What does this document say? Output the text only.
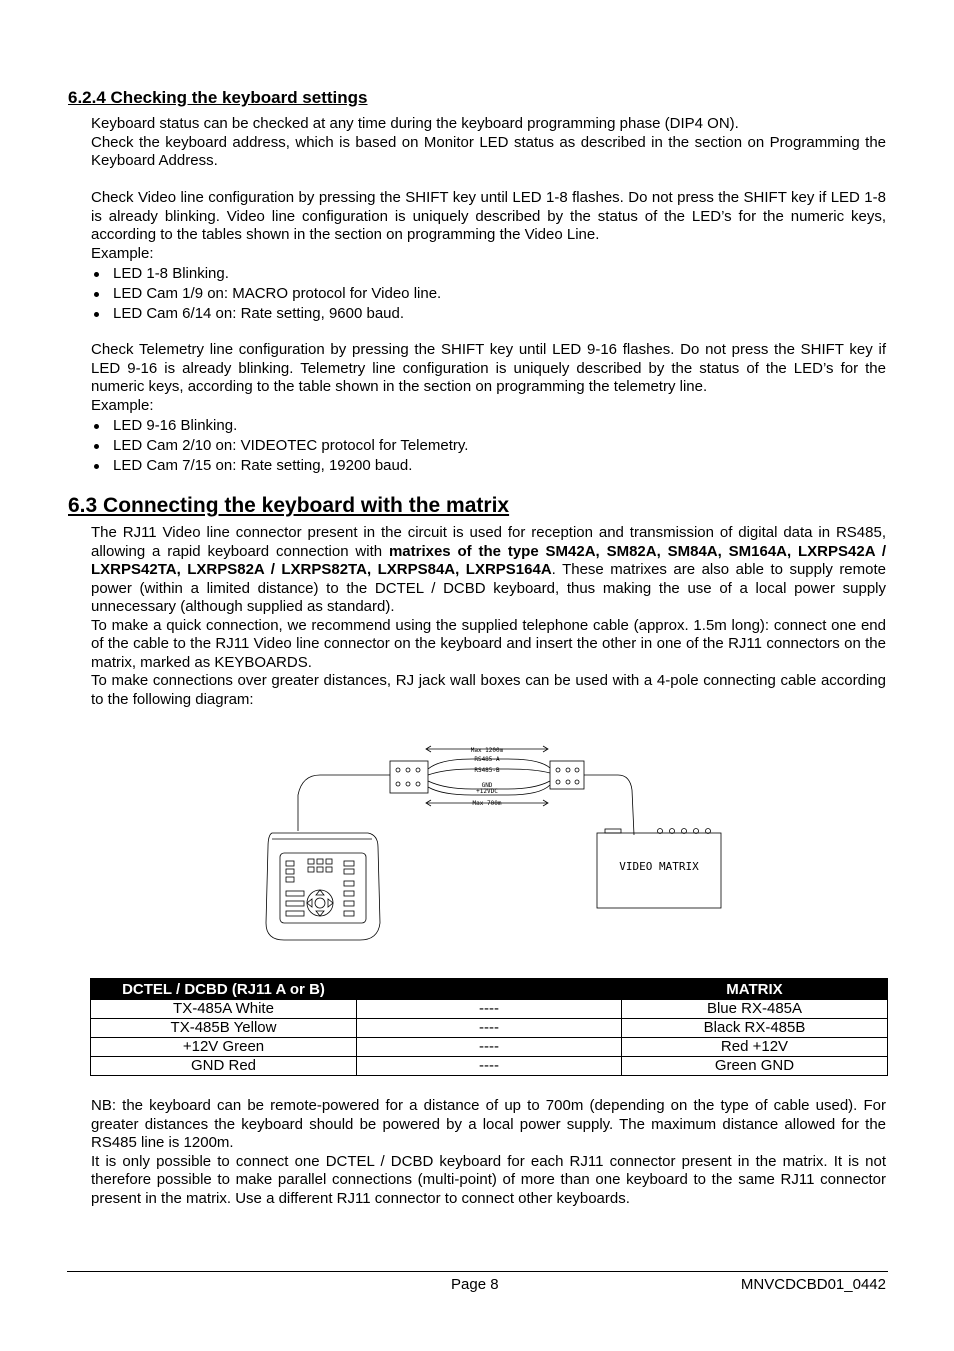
6.2.4 Checking the keyboard settings

Keyboard status can be checked at any time during the keyboard programming phase (DIP4 ON).

Check the keyboard address, which is based on Monitor LED status as described in the section on Programming the Keyboard Address.

Check Video line configuration by pressing the SHIFT key until LED 1-8 flashes. Do not press the SHIFT key if LED 1-8 is already blinking. Video line configuration is uniquely described by the status of the LED’s for the numeric keys, according to the tables shown in the section on programming the Video Line.

Example:

LED 1-8 Blinking.
LED Cam 1/9 on: MACRO protocol for Video line.
LED Cam 6/14 on: Rate setting, 9600 baud.

Check Telemetry line configuration by pressing the SHIFT key until LED 9-16 flashes. Do not press the SHIFT key if LED 9-16 is already blinking. Telemetry line configuration is uniquely described by the status of the LED’s for the numeric keys, according to the table shown in the section on programming the telemetry line.

Example:

LED 9-16 Blinking.
LED Cam 2/10 on: VIDEOTEC protocol for Telemetry.
LED Cam 7/15 on: Rate setting, 19200 baud.
6.3 Connecting the keyboard with the matrix

The RJ11 Video line connector present in the circuit is used for reception and transmission of digital data in RS485, allowing a rapid keyboard connection with matrixes of the type SM42A, SM82A, SM84A, SM164A, LXRPS42A / LXRPS42TA, LXRPS82A / LXRPS82TA, LXRPS84A, LXRPS164A. These matrixes are also able to supply remote power (within a limited distance) to the DCTEL / DCBD keyboard, thus making the use of a local power supply unnecessary (although supplied as standard).

To make a quick connection, we recommend using the supplied telephone cable (approx. 1.5m long): connect one end of the cable to the RJ11 Video line connector on the keyboard and insert the other in one of the RJ11 connectors on the matrix, marked as KEYBOARDS.

To make connections over greater distances, RJ jack wall boxes can be used with a 4-pole connecting cable according to the following diagram:

Max 1200m
RS485-A
RS485-B
GND
+12VDC
Max 700m
VIDEO MATRIX
DCTEL / DCBD (RJ11 A or B)		MATRIX
TX-485A White	----	Blue RX-485A
TX-485B Yellow	----	Black RX-485B
+12V Green	----	Red +12V
GND Red	----	Green GND

NB: the keyboard can be remote-powered for a distance of up to 700m (depending on the type of cable used). For greater distances the keyboard should be powered by a local power supply. The maximum distance allowed for the RS485 line is 1200m.

It is only possible to connect one DCTEL / DCBD keyboard for each RJ11 connector present in the matrix. It is not therefore possible to make parallel connections (multi-point) of more than one keyboard to the same RJ11 connector present in the matrix. Use a different RJ11 connector to connect other keyboards.

Page 8	MNVCDCBD01_0442
